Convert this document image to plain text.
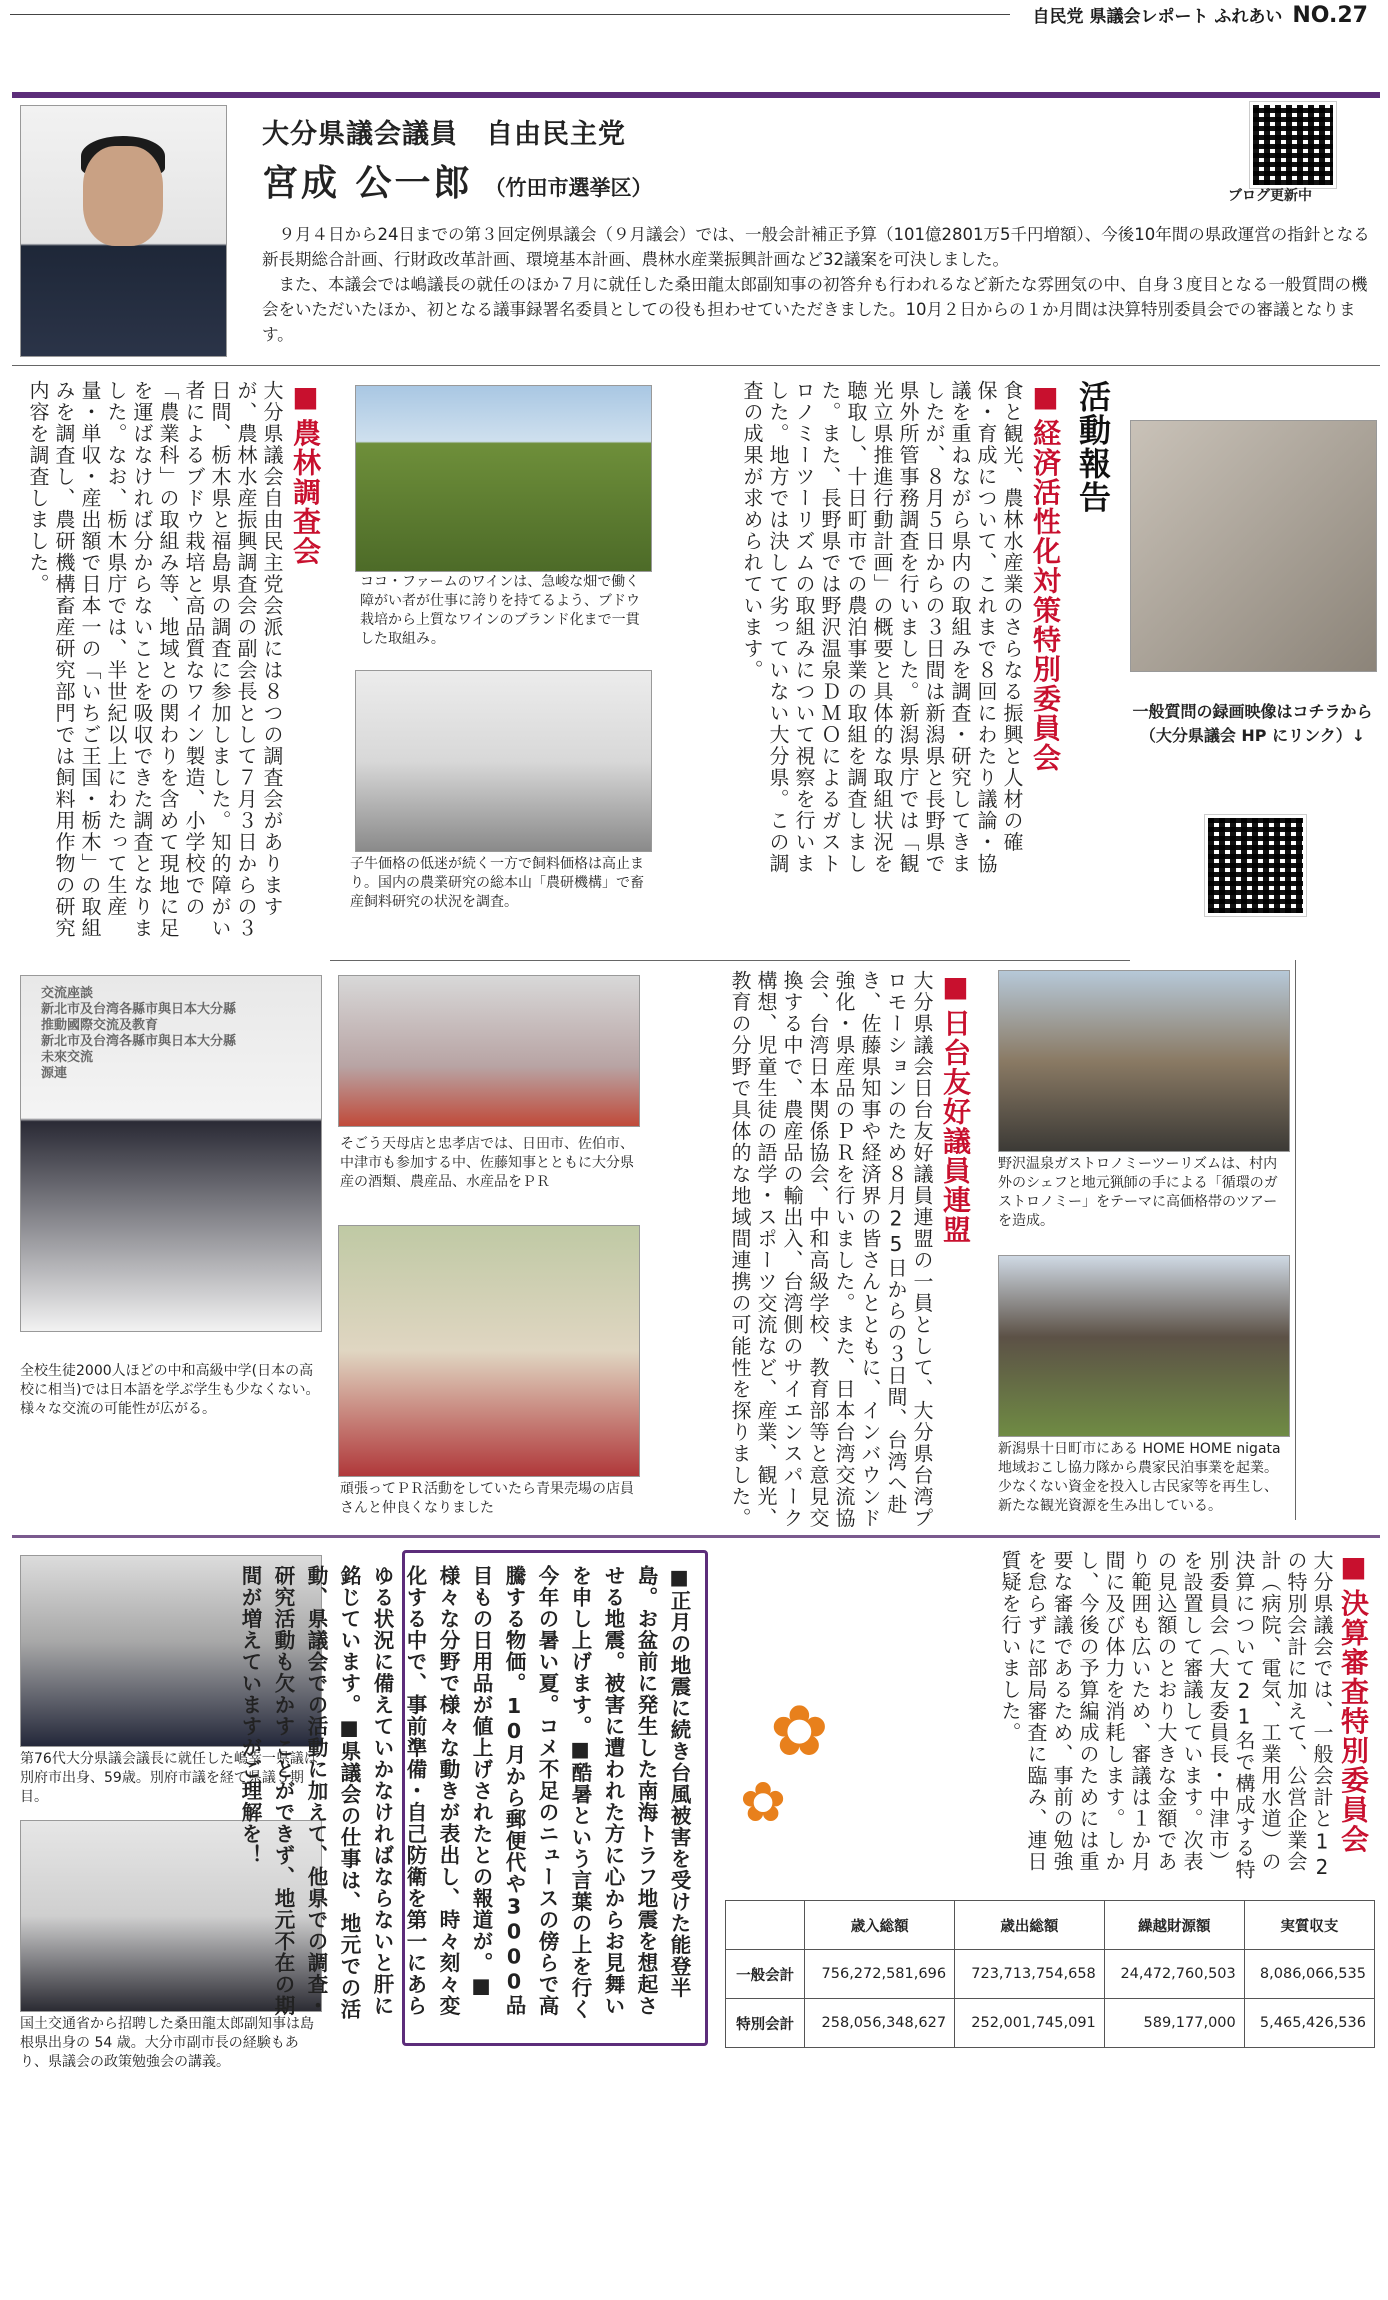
自民党 県議会レポート ふれあい NO.27
大分県議会議員　自由民主党
宮成 公一郎 （竹田市選挙区）	ブログ更新中

９月４日から24日までの第３回定例県議会（９月議会）では、一般会計補正予算（101億2801万5千円増額）、今後10年間の県政運営の指針となる新長期総合計画、行財政改革計画、環境基本計画、農林水産業振興計画など32議案を可決しました。

また、本議会では嶋議長の就任のほか７月に就任した桑田龍太郎副知事の初答弁も行われるなど新たな雰囲気の中、自身３度目となる一般質問の機会をいただいたほか、初となる議事録署名委員としての役も担わせていただきました。10月２日からの１か月間は決算特別委員会での審議となります。

活動報告
一般質問の録画映像はコチラから（大分県議会 HP にリンク）↓
■ 経済活性化対策特別委員会
食と観光、農林水産業のさらなる振興と人材の確保・育成について、これまで８回にわたり議論・協議を重ねながら県内の取組みを調査・研究してきましたが、８月５日からの３日間は新潟県と長野県で県外所管事務調査を行いました。新潟県庁では「観光立県推進行動計画」の概要と具体的な取組状況を聴取し、十日町市での農泊事業の取組を調査しました。また、長野県では野沢温泉ＤＭＯによるガストロノミーツーリズムの取組みについて視察を行いました。地方では決して劣っていない大分県。この調査の成果が求められています。
ココ・ファームのワインは、急峻な畑で働く障がい者が仕事に誇りを持てるよう、ブドウ栽培から上質なワインのブランド化まで一貫した取組み。
子牛価格の低迷が続く一方で飼料価格は高止まり。国内の農業研究の総本山「農研機構」で畜産飼料研究の状況を調査。
■ 農林調査会
大分県議会自由民主党会派には８つの調査会がありますが、農林水産振興調査会の副会長として７月３日からの３日間、栃木県と福島県の調査に参加しました。知的障がい者によるブドウ栽培と高品質なワイン製造、小学校での「農業科」の取組み等、地域との関わりを含めて現地に足を運ばなければ分からないことを吸収できた調査となりました。なお、栃木県庁では、半世紀以上にわたって生産量・単収・産出額で日本一の「いちご王国・栃木」の取組みを調査し、農研機構畜産研究部門では飼料用作物の研究内容を調査しました。
交流座談
新北市及台湾各縣市與日本大分縣
推動國際交流及教育
新北市及台湾各縣市與日本大分縣
未來交流
源連
全校生徒2000人ほどの中和高級中学(日本の高校に相当)では日本語を学ぶ学生も少なくない。様々な交流の可能性が広がる。
そごう天母店と忠孝店では、日田市、佐伯市、中津市も参加する中、佐藤知事とともに大分県産の酒類、農産品、水産品をＰＲ
頑張ってＰＲ活動をしていたら青果売場の店員さんと仲良くなりました
■ 日台友好議員連盟
大分県議会日台友好議員連盟の一員として、大分県台湾プロモーションのため８月25日からの３日間、台湾へ赴き、佐藤県知事や経済界の皆さんとともに、インバウンド強化・県産品のＰＲを行いました。また、日本台湾交流協会、台湾日本関係協会、中和高級学校、教育部等と意見交換する中で、農産品の輸出入、台湾側のサイエンスパーク構想、児童生徒の語学・スポーツ交流など、産業、観光、教育の分野で具体的な地域間連携の可能性を探りました。	野沢温泉ガストロノミーツーリズムは、村内外のシェフと地元猟師の手による「循環のガストロノミー」をテーマに高価格帯のツアーを造成。
新潟県十日町市にある HOME HOME nigata 地域おこし協力隊から農家民泊事業を起業。少なくない資金を投入し古民家等を再生し、新たな観光資源を生み出している。
第76代大分県議会議長に就任した嶋幸一県議は別府市出身、59歳。別府市議を経て県議５期目。
国土交通省から招聘した桑田龍太郎副知事は島根県出身の 54 歳。大分市副市長の経験もあり、県議会の政策勉強会の講義。
■正月の地震に続き台風被害を受けた能登半島。お盆前に発生した南海トラフ地震を想起させる地震。被害に遭われた方に心からお見舞いを申し上げます。■酷暑という言葉の上を行く今年の暑い夏。コメ不足のニュースの傍らで高騰する物価。10月から郵便代や3000品目もの日用品が値上げされたとの報道が。■様々な分野で様々な動きが表出し、時々刻々変化する中で、事前準備・自己防衛を第一にあらゆる状況に備えていかなければならないと肝に銘じています。■県議会の仕事は、地元での活動、県議会での活動に加えて、他県での調査・研究活動も欠かすことができず、地元不在の期間が増えていますがご理解を！	✿
✿	■ 決算審査特別委員会
大分県議会では、一般会計と12の特別会計に加えて、公営企業会計（病院、電気、工業用水道）の決算について21名で構成する特別委員会（大友委員長・中津市）を設置して審議しています。次表の見込額のとおり大きな金額であり範囲も広いため、審議は１か月間に及び体力を消耗します。しかし、今後の予算編成のためには重要な審議であるため、事前の勉強を怠らずに部局審査に臨み、連日質疑を行いました。
	歳入総額	歳出総額	繰越財源額	実質収支
一般会計	756,272,581,696	723,713,754,658	24,472,760,503	8,086,066,535
特別会計	258,056,348,627	252,001,745,091	589,177,000	5,465,426,536
